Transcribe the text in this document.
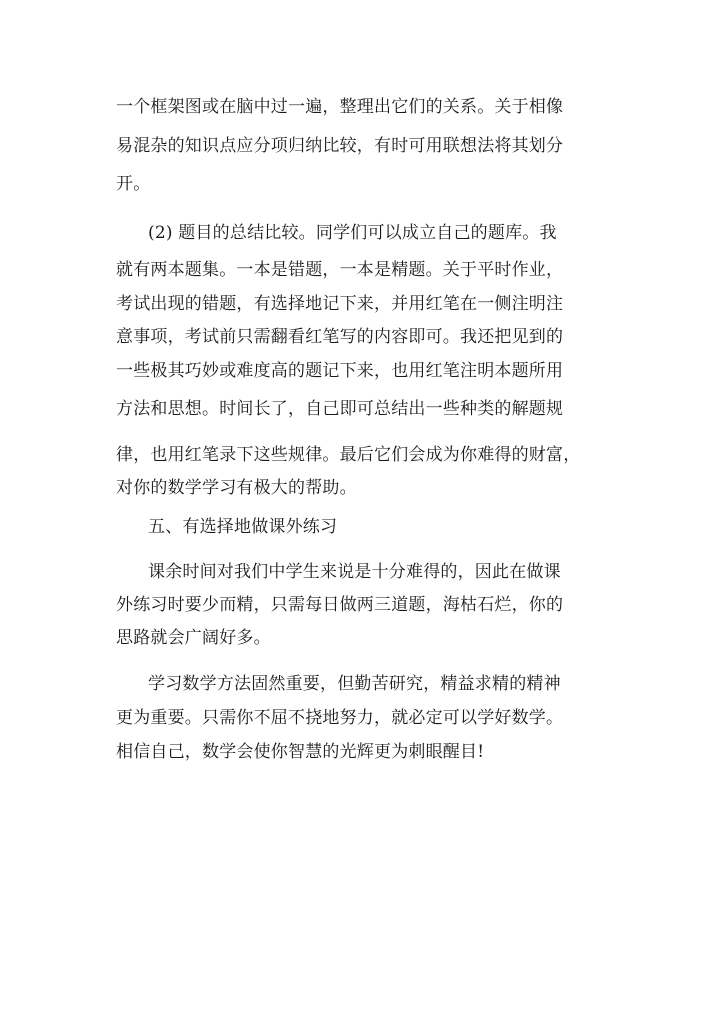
一个框架图或在脑中过一遍，整理出它们的关系。关于相像
易混杂的知识点应分项归纳比较，有时可用联想法将其划分
开。
(2) 题目的总结比较。同学们可以成立自己的题库。我
就有两本题集。一本是错题，一本是精题。关于平时作业，
考试出现的错题，有选择地记下来，并用红笔在一侧注明注
意事项，考试前只需翻看红笔写的内容即可。我还把见到的
一些极其巧妙或难度高的题记下来，也用红笔注明本题所用
方法和思想。时间长了，自己即可总结出一些种类的解题规
律，也用红笔录下这些规律。最后它们会成为你难得的财富，
对你的数学学习有极大的帮助。
五、有选择地做课外练习
课余时间对我们中学生来说是十分难得的，因此在做课
外练习时要少而精，只需每日做两三道题，海枯石烂，你的
思路就会广阔好多。
学习数学方法固然重要，但勤苦研究，精益求精的精神
更为重要。只需你不屈不挠地努力，就必定可以学好数学。
相信自己，数学会使你智慧的光辉更为刺眼醒目!
